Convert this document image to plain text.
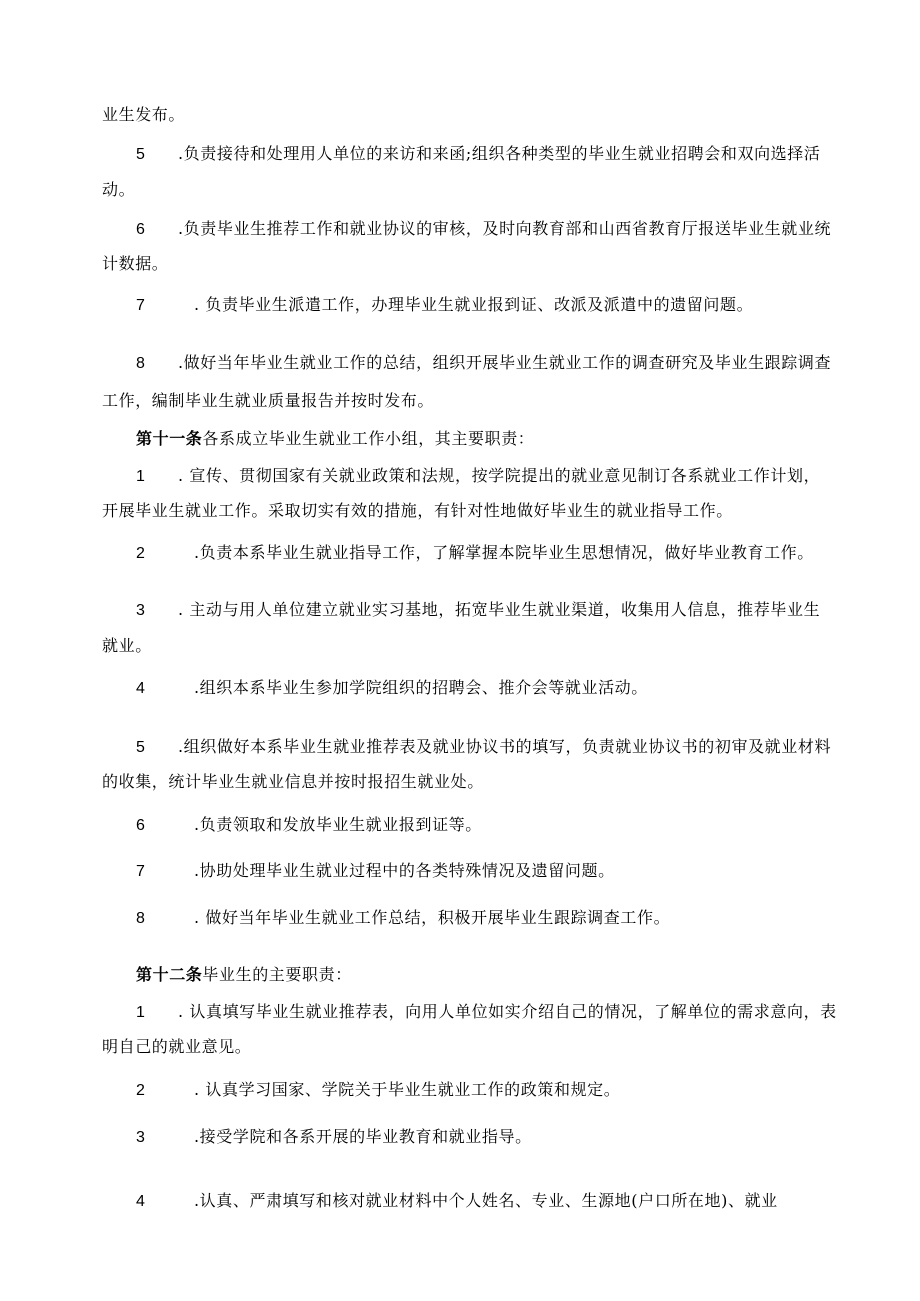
业生发布。
5 .负责接待和处理用人单位的来访和来函;组织各种类型的毕业生就业招聘会和双向选择活
动。
6 .负责毕业生推荐工作和就业协议的审核，及时向教育部和山西省教育厅报送毕业生就业统
计数据。
7	. 负责毕业生派遣工作，办理毕业生就业报到证、改派及派遣中的遗留问题。
8 .做好当年毕业生就业工作的总结，组织开展毕业生就业工作的调查研究及毕业生跟踪调查
工作，编制毕业生就业质量报告并按时发布。
第十一条各系成立毕业生就业工作小组，其主要职责：
1 . 宣传、贯彻国家有关就业政策和法规，按学院提出的就业意见制订各系就业工作计划，
开展毕业生就业工作。采取切实有效的措施，有针对性地做好毕业生的就业指导工作。
2	.负责本系毕业生就业指导工作，了解掌握本院毕业生思想情况，做好毕业教育工作。
3 . 主动与用人单位建立就业实习基地，拓宽毕业生就业渠道，收集用人信息，推荐毕业生
就业。
4	.组织本系毕业生参加学院组织的招聘会、推介会等就业活动。
5 .组织做好本系毕业生就业推荐表及就业协议书的填写，负责就业协议书的初审及就业材料
的收集，统计毕业生就业信息并按时报招生就业处。
6	.负责领取和发放毕业生就业报到证等。
7	.协助处理毕业生就业过程中的各类特殊情况及遗留问题。
8	. 做好当年毕业生就业工作总结，积极开展毕业生跟踪调查工作。
第十二条毕业生的主要职责：
1 . 认真填写毕业生就业推荐表，向用人单位如实介绍自己的情况，了解单位的需求意向，表
明自己的就业意见。
2	. 认真学习国家、学院关于毕业生就业工作的政策和规定。
3	.接受学院和各系开展的毕业教育和就业指导。
4	.认真、严肃填写和核对就业材料中个人姓名、专业、生源地(户口所在地)、就业
